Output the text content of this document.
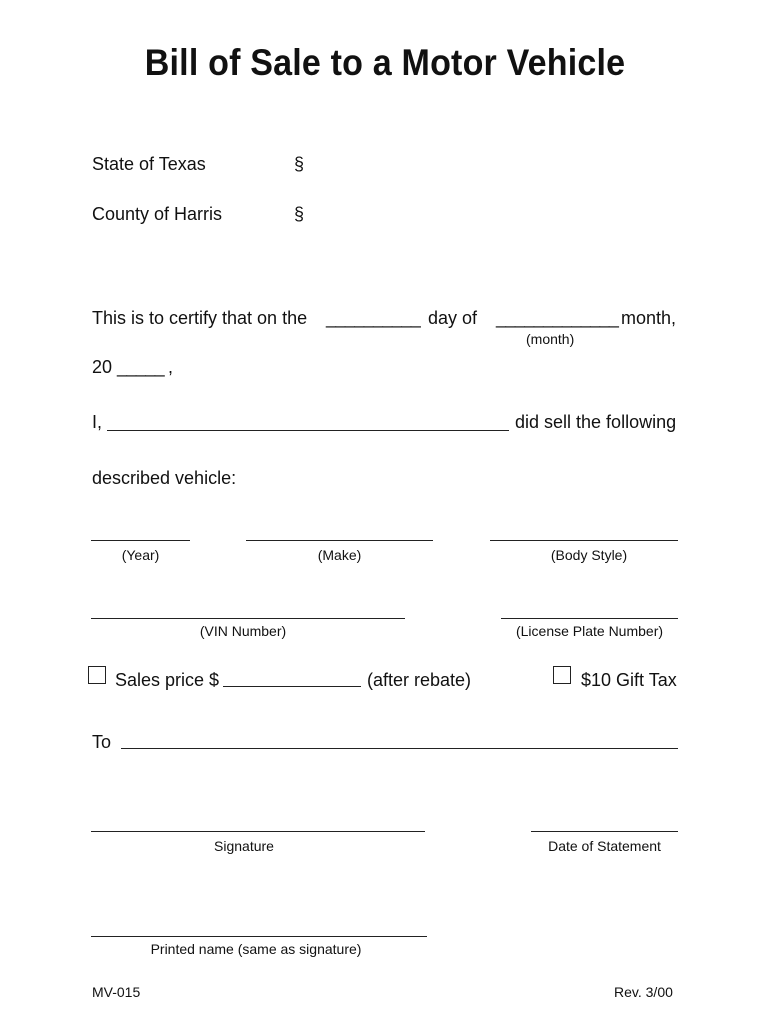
Bill of Sale to a Motor Vehicle
State of Texas	§
County of Harris	§
This is to certify that on the __________ day of _____________ month,
(month)
20 _____ ,
I,	did sell the following
described vehicle:
(Year)	(Make)	(Body Style)
(VIN Number)	(License Plate Number)
Sales price $	(after rebate)	$10 Gift Tax
To
Signature	Date of Statement
Printed name (same as signature)
MV-015	Rev. 3/00
